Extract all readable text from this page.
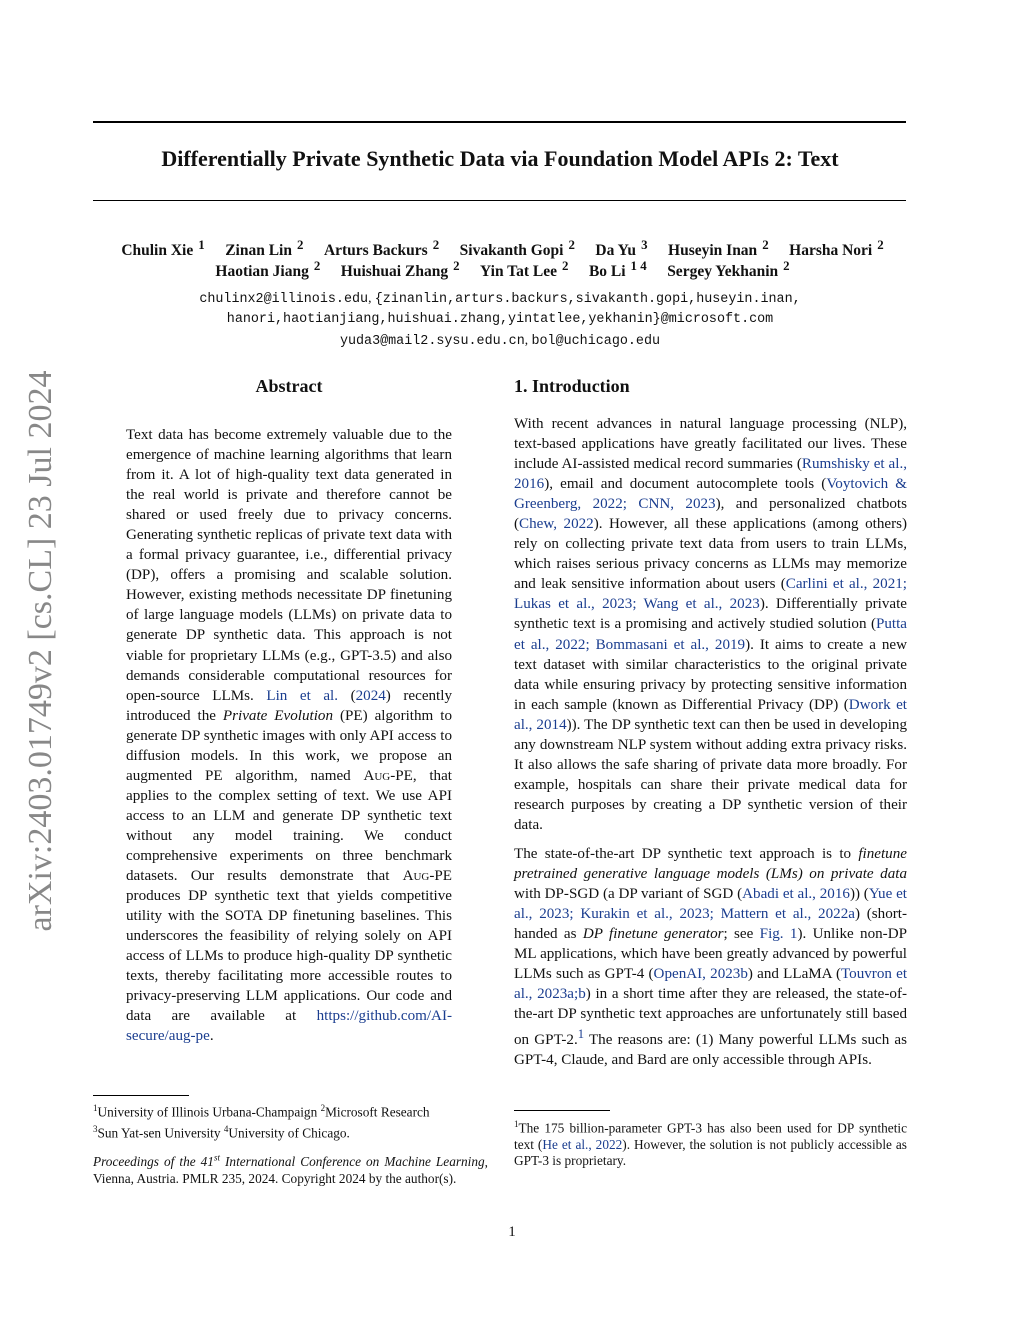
arXiv:2403.01749v2 [cs.CL] 23 Jul 2024
Differentially Private Synthetic Data via Foundation Model APIs 2: Text
Chulin Xie $^1$  Zinan Lin $^2$  Arturs Backurs $^2$  Sivakanth Gopi $^2$  Da Yu $^3$  Huseyin Inan $^2$  Harsha Nori $^2$
Haotian Jiang $^2$  Huishuai Zhang $^2$  Yin Tat Lee $^2$  Bo Li $^{1 4}$  Sergey Yekhanin $^2$
chulinx2@illinois.edu, {zinanlin,arturs.backurs,sivakanth.gopi,huseyin.inan,
hanori,haotianjiang,huishuai.zhang,yintatlee,yekhanin}@microsoft.com
yuda3@mail2.sysu.edu.cn, bol@uchicago.edu
Abstract

Text data has become extremely valuable due to the emergence of machine learning algorithms that learn from it. A lot of high-quality text data generated in the real world is private and therefore cannot be shared or used freely due to privacy concerns. Generating synthetic replicas of private text data with a formal privacy guarantee, i.e., differential privacy (DP), offers a promising and scalable solution. However, existing methods necessitate DP finetuning of large language models (LLMs) on private data to generate DP synthetic data. This approach is not viable for proprietary LLMs (e.g., GPT-3.5) and also demands considerable computational resources for open-source LLMs. Lin et al. (2024) recently introduced the Private Evolution (PE) algorithm to generate DP synthetic images with only API access to diffusion models. In this work, we propose an augmented PE algorithm, named Aug-PE, that applies to the complex setting of text. We use API access to an LLM and generate DP synthetic text without any model training. We conduct comprehensive experiments on three benchmark datasets. Our results demonstrate that Aug-PE produces DP synthetic text that yields competitive utility with the SOTA DP finetuning baselines. This underscores the feasibility of relying solely on API access of LLMs to produce high-quality DP synthetic texts, thereby facilitating more accessible routes to privacy-preserving LLM applications. Our code and data are available at https://github.com/AI-secure/aug-pe.

1. Introduction

With recent advances in natural language processing (NLP), text-based applications have greatly facilitated our lives. These include AI-assisted medical record summaries (Rumshisky et al., 2016), email and document autocomplete tools (Voytovich & Greenberg, 2022; CNN, 2023), and personalized chatbots (Chew, 2022). However, all these applications (among others) rely on collecting private text data from users to train LLMs, which raises serious privacy concerns as LLMs may memorize and leak sensitive information about users (Carlini et al., 2021; Lukas et al., 2023; Wang et al., 2023). Differentially private synthetic text is a promising and actively studied solution (Putta et al., 2022; Bommasani et al., 2019). It aims to create a new text dataset with similar characteristics to the original private data while ensuring privacy by protecting sensitive information in each sample (known as Differential Privacy (DP) (Dwork et al., 2014)). The DP synthetic text can then be used in developing any downstream NLP system without adding extra privacy risks. It also allows the safe sharing of private data more broadly. For example, hospitals can share their private medical data for research purposes by creating a DP synthetic version of their data.

The state-of-the-art DP synthetic text approach is to finetune pretrained generative language models (LMs) on private data with DP-SGD (a DP variant of SGD (Abadi et al., 2016)) (Yue et al., 2023; Kurakin et al., 2023; Mattern et al., 2022a) (short-handed as DP finetune generator; see Fig. 1). Unlike non-DP ML applications, which have been greatly advanced by powerful LLMs such as GPT-4 (OpenAI, 2023b) and LLaMA (Touvron et al., 2023a;b) in a short time after they are released, the state-of-the-art DP synthetic text approaches are unfortunately still based on GPT-2.$^1$ The reasons are: (1) Many powerful LLMs such as GPT-4, Claude, and Bard are only accessible through APIs.

$^1$University of Illinois Urbana-Champaign $^2$Microsoft Research
$^3$Sun Yat-sen University $^4$University of Chicago.
Proceedings of the 41st International Conference on Machine Learning, Vienna, Austria. PMLR 235, 2024. Copyright 2024 by the author(s).
$^1$The 175 billion-parameter GPT-3 has also been used for DP synthetic text (He et al., 2022). However, the solution is not publicly accessible as GPT-3 is proprietary.
1
